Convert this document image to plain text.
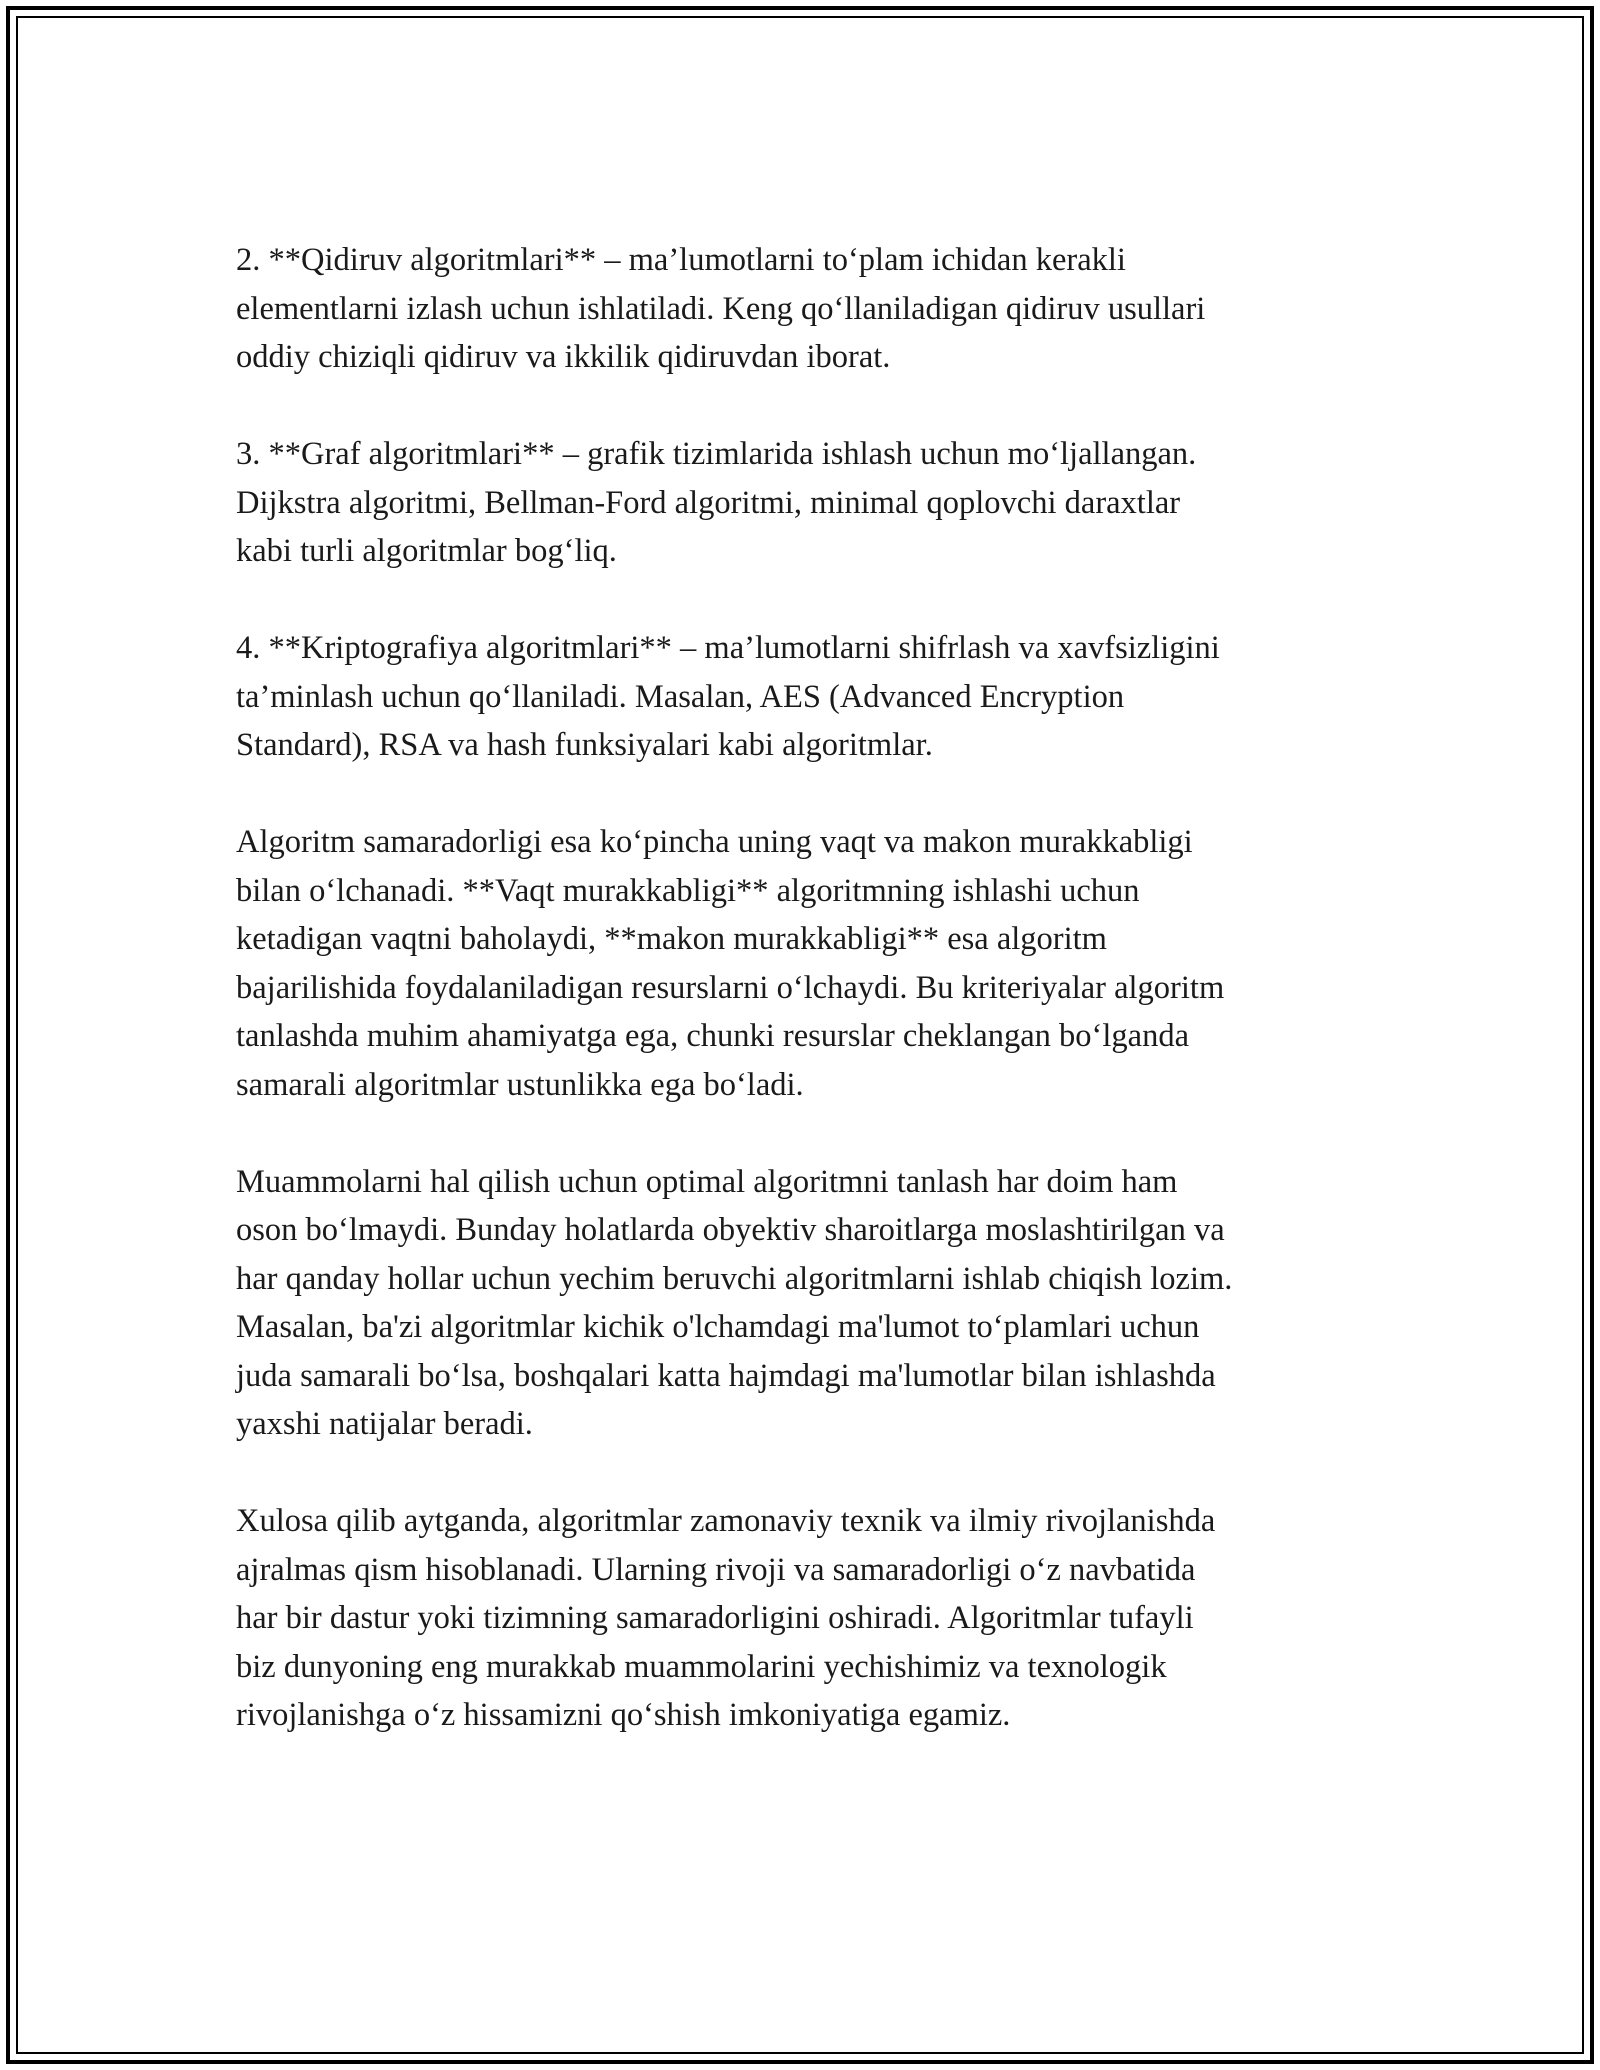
2. **Qidiruv algoritmlari** – ma’lumotlarni to‘plam ichidan kerakli
elementlarni izlash uchun ishlatiladi. Keng qo‘llaniladigan qidiruv usullari
oddiy chiziqli qidiruv va ikkilik qidiruvdan iborat.
3. **Graf algoritmlari** – grafik tizimlarida ishlash uchun mo‘ljallangan.
Dijkstra algoritmi, Bellman-Ford algoritmi, minimal qoplovchi daraxtlar
kabi turli algoritmlar bog‘liq.
4. **Kriptografiya algoritmlari** – ma’lumotlarni shifrlash va xavfsizligini
ta’minlash uchun qo‘llaniladi. Masalan, AES (Advanced Encryption
Standard), RSA va hash funksiyalari kabi algoritmlar.
Algoritm samaradorligi esa ko‘pincha uning vaqt va makon murakkabligi
bilan o‘lchanadi. **Vaqt murakkabligi** algoritmning ishlashi uchun
ketadigan vaqtni baholaydi, **makon murakkabligi** esa algoritm
bajarilishida foydalaniladigan resurslarni o‘lchaydi. Bu kriteriyalar algoritm
tanlashda muhim ahamiyatga ega, chunki resurslar cheklangan bo‘lganda
samarali algoritmlar ustunlikka ega bo‘ladi.
Muammolarni hal qilish uchun optimal algoritmni tanlash har doim ham
oson bo‘lmaydi. Bunday holatlarda obyektiv sharoitlarga moslashtirilgan va
har qanday hollar uchun yechim beruvchi algoritmlarni ishlab chiqish lozim.
Masalan, ba'zi algoritmlar kichik o'lchamdagi ma'lumot to‘plamlari uchun
juda samarali bo‘lsa, boshqalari katta hajmdagi ma'lumotlar bilan ishlashda
yaxshi natijalar beradi.
Xulosa qilib aytganda, algoritmlar zamonaviy texnik va ilmiy rivojlanishda
ajralmas qism hisoblanadi. Ularning rivoji va samaradorligi o‘z navbatida
har bir dastur yoki tizimning samaradorligini oshiradi. Algoritmlar tufayli
biz dunyoning eng murakkab muammolarini yechishimiz va texnologik
rivojlanishga o‘z hissamizni qo‘shish imkoniyatiga egamiz.
